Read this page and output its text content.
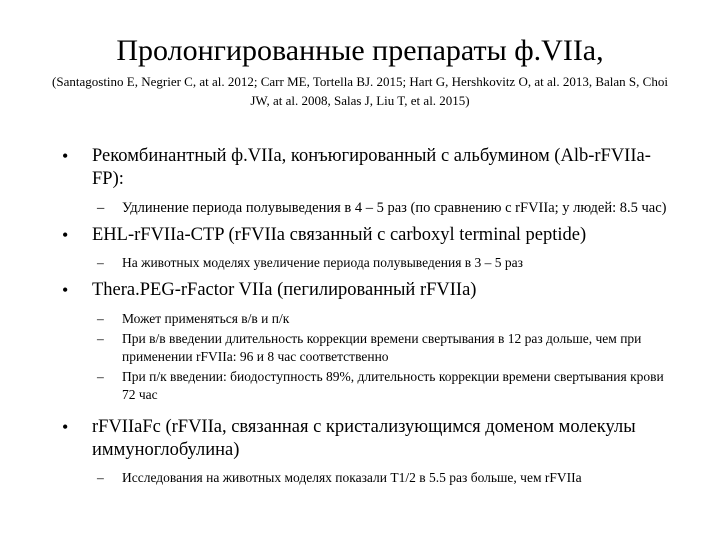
Пролонгированные препараты ф.VIIa,
(Santagostino E, Negrier C, at al. 2012; Carr ME, Tortella BJ. 2015; Hart G, Hershkovitz O, at al. 2013, Balan S, Choi JW, at al. 2008, Salas J, Liu T, et al. 2015)
• Рекомбинантный ф.VIIa, конъюгированный с альбумином (Alb-rFVIIa-FP):
– Удлинение периода полувыведения в 4 – 5 раз (по сравнению с rFVIIa; у людей: 8.5 час)
• EHL-rFVIIa-CTP (rFVIIa связанный с carboxyl terminal peptide)
– На животных моделях увеличение периода полувыведения в 3 – 5 раз
• Thera.PEG-rFactor VIIa (пегилированный rFVIIa)
– Может применяться в/в и п/к
– При в/в введении длительность коррекции времени свертывания в 12 раз дольше, чем при применении rFVIIa: 96 и 8 час соответственно
– При п/к введении: биодоступность 89%, длительность коррекции времени свертывания крови 72 час
• rFVIIaFc (rFVIIa, связанная с кристализующимся доменом молекулы иммуноглобулина)
– Исследования на животных моделях показали T1/2 в 5.5 раз больше, чем rFVIIa
